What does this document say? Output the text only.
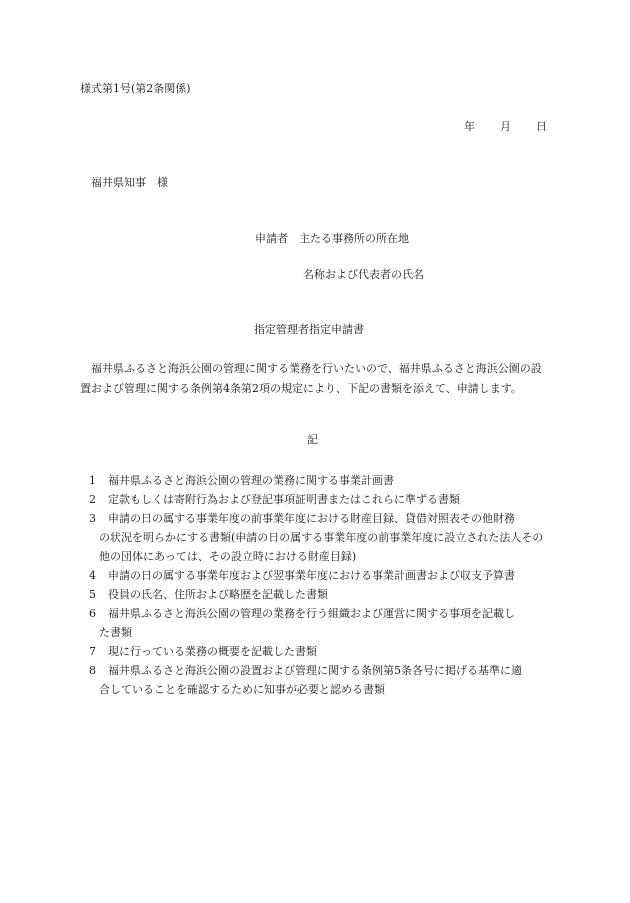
様式第1号(第2条関係)
年 月 日
福井県知事　様
申請者　主たる事務所の所在地
名称および代表者の氏名
指定管理者指定申請書
福井県ふるさと海浜公園の管理に関する業務を行いたいので、福井県ふるさと海浜公園の設置および管理に関する条例第4条第2項の規定により、下記の書類を添えて、申請します。
記
1 福井県ふるさと海浜公園の管理の業務に関する事業計画書
2 定款もしくは寄附行為および登記事項証明書またはこれらに準ずる書類
3 申請の日の属する事業年度の前事業年度における財産目録、貸借対照表その他財務
の状況を明らかにする書類(申請の日の属する事業年度の前事業年度に設立された法人その他の団体にあっては、その設立時における財産目録)
4 申請の日の属する事業年度および翌事業年度における事業計画書および収支予算書
5 役員の氏名、住所および略歴を記載した書類
6 福井県ふるさと海浜公園の管理の業務を行う組織および運営に関する事項を記載し
た書類
7 現に行っている業務の概要を記載した書類
8 福井県ふるさと海浜公園の設置および管理に関する条例第5条各号に掲げる基準に適
合していることを確認するために知事が必要と認める書類
